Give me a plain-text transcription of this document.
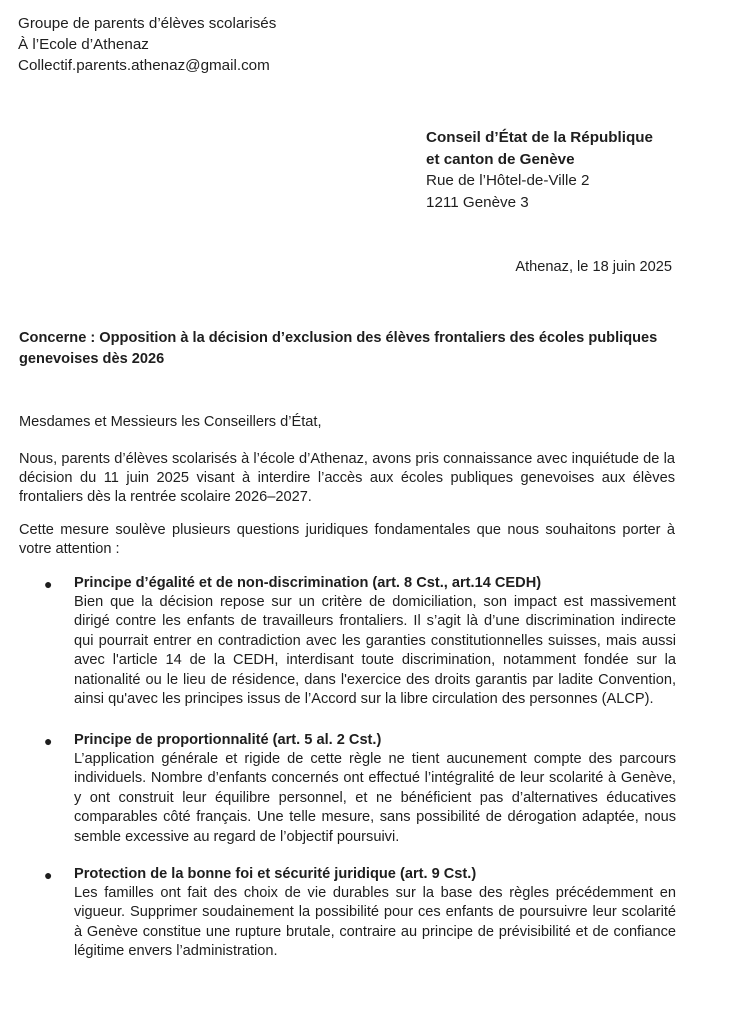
Groupe de parents d’élèves scolarisés
À l’Ecole d’Athenaz
Collectif.parents.athenaz@gmail.com
Conseil d’État de la République
et canton de Genève
Rue de l’Hôtel-de-Ville 2
1211 Genève 3
Athenaz, le 18 juin 2025
Concerne : Opposition à la décision d’exclusion des élèves frontaliers des écoles publiques genevoises dès 2026
Mesdames et Messieurs les Conseillers d’État,
Nous, parents d’élèves scolarisés à l’école d’Athenaz, avons pris connaissance avec inquiétude de la décision du 11 juin 2025 visant à interdire l’accès aux écoles publiques genevoises aux élèves frontaliers dès la rentrée scolaire 2026–2027.
Cette mesure soulève plusieurs questions juridiques fondamentales que nous souhaitons porter à votre attention :
● Principe d’égalité et de non-discrimination (art. 8 Cst., art.14 CEDH)
Bien que la décision repose sur un critère de domiciliation, son impact est massivement dirigé contre les enfants de travailleurs frontaliers. Il s’agit là d’une discrimination indirecte qui pourrait entrer en contradiction avec les garanties constitutionnelles suisses, mais aussi avec l'article 14 de la CEDH, interdisant toute discrimination, notamment fondée sur la nationalité ou le lieu de résidence, dans l'exercice des droits garantis par ladite Convention, ainsi qu'avec les principes issus de l’Accord sur la libre circulation des personnes (ALCP).
● Principe de proportionnalité (art. 5 al. 2 Cst.)
L’application générale et rigide de cette règle ne tient aucunement compte des parcours individuels. Nombre d’enfants concernés ont effectué l’intégralité de leur scolarité à Genève, y ont construit leur équilibre personnel, et ne bénéficient pas d’alternatives éducatives comparables côté français. Une telle mesure, sans possibilité de dérogation adaptée, nous semble excessive au regard de l’objectif poursuivi.
● Protection de la bonne foi et sécurité juridique (art. 9 Cst.)
Les familles ont fait des choix de vie durables sur la base des règles précédemment en vigueur. Supprimer soudainement la possibilité pour ces enfants de poursuivre leur scolarité à Genève constitue une rupture brutale, contraire au principe de prévisibilité et de confiance légitime envers l’administration.
